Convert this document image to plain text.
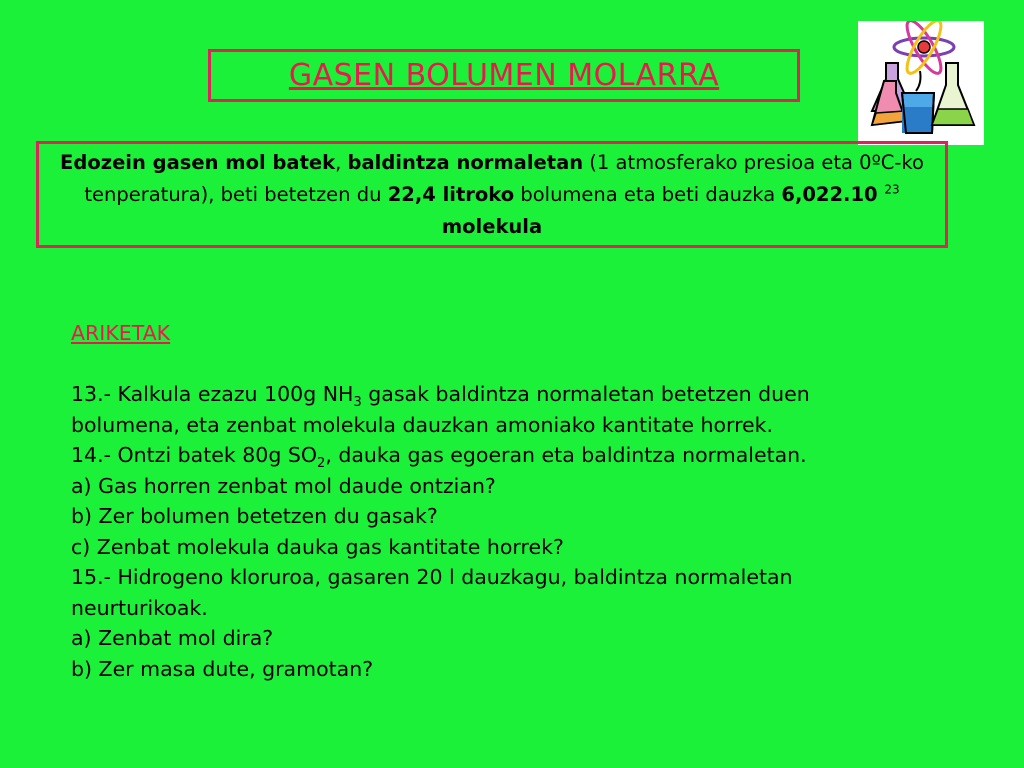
GASEN BOLUMEN MOLARRA
Edozein gasen mol batek, baldintza normaletan (1 atmosferako presioa eta 0ºC-ko tenperatura), beti betetzen du 22,4 litroko bolumena eta beti dauzka 6,022.10 $^{23}$ molekula
ARIKETAK
13.- Kalkula ezazu 100g $NH_3$ gasak baldintza normaletan betetzen duen
bolumena, eta zenbat molekula dauzkan amoniako kantitate horrek.
14.- Ontzi batek 80g $SO_2$, dauka gas egoeran eta baldintza normaletan.
a) Gas horren zenbat mol daude ontzian?
b) Zer bolumen betetzen du gasak?
c) Zenbat molekula dauka gas kantitate horrek?
15.- Hidrogeno kloruroa, gasaren 20 l dauzkagu, baldintza normaletan
neurturikoak.
a) Zenbat mol dira?
b) Zer masa dute, gramotan?
